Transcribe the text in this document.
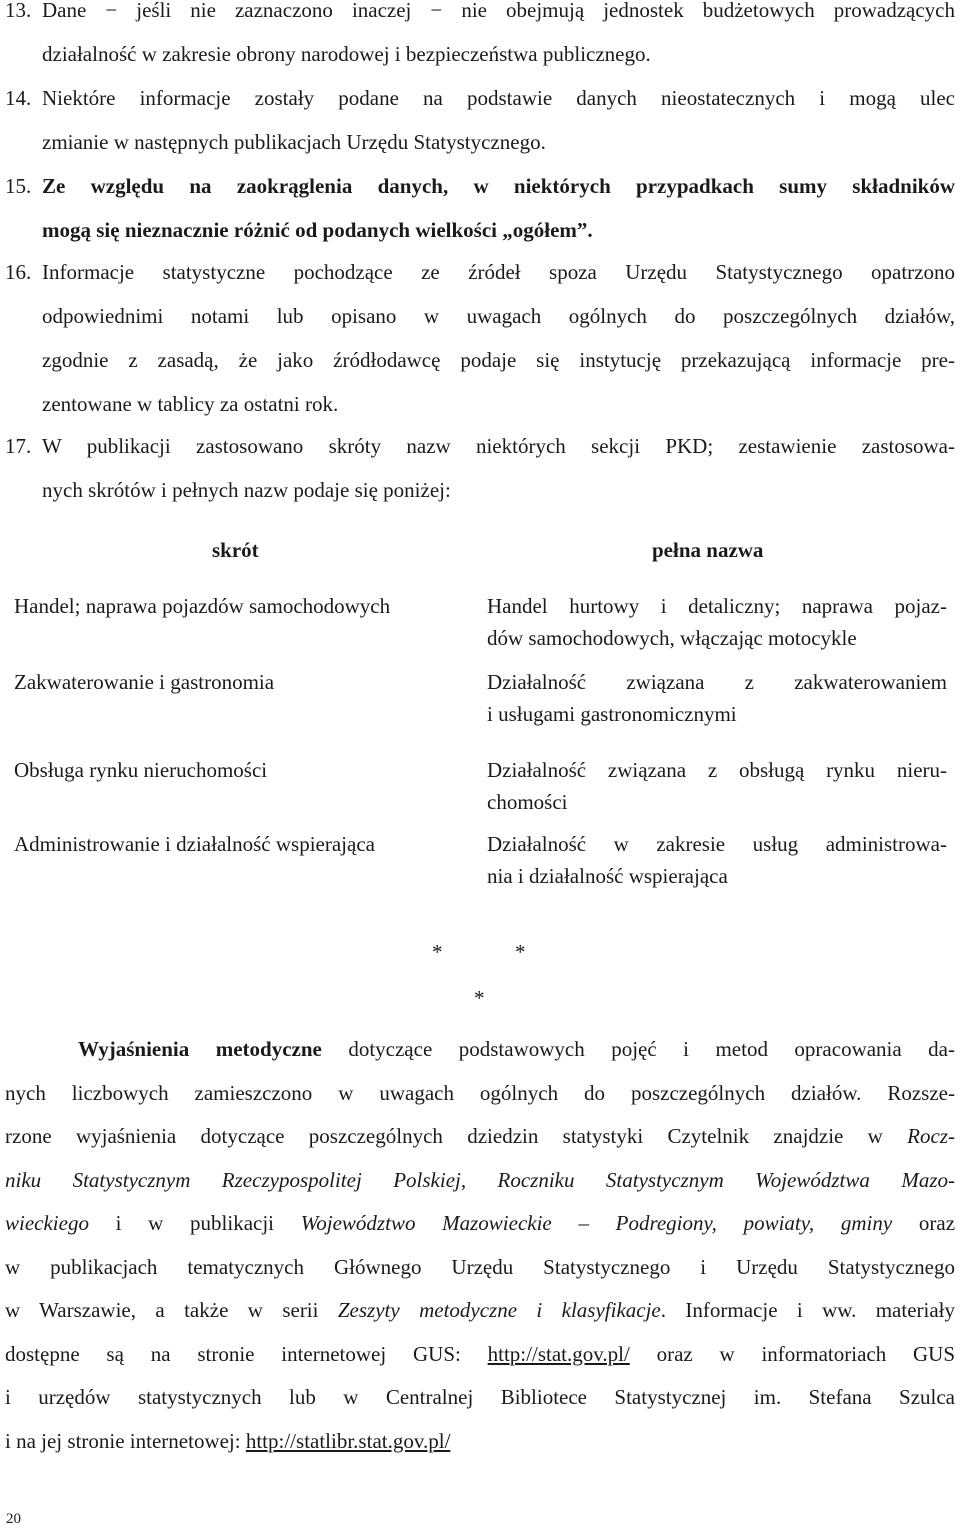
13. Dane − jeśli nie zaznaczono inaczej − nie obejmują jednostek budżetowych prowadzących
działalność w zakresie obrony narodowej i bezpieczeństwa publicznego.
14. Niektóre informacje zostały podane na podstawie danych nieostatecznych i mogą ulec
zmianie w następnych publikacjach Urzędu Statystycznego.
15. Ze względu na zaokrąglenia danych, w niektórych przypadkach sumy składników
mogą się nieznacznie różnić od podanych wielkości „ogółem”.
16. Informacje statystyczne pochodzące ze źródeł spoza Urzędu Statystycznego opatrzono
odpowiednimi notami lub opisano w uwagach ogólnych do poszczególnych działów,
zgodnie z zasadą, że jako źródłodawcę podaje się instytucję przekazującą informacje pre-
zentowane w tablicy za ostatni rok.
17. W publikacji zastosowano skróty nazw niektórych sekcji PKD; zestawienie zastosowa-
nych skrótów i pełnych nazw podaje się poniżej:
skrót	pełna nazwa
Handel; naprawa pojazdów samochodowych	Handel hurtowy i detaliczny; naprawa pojaz-
dów samochodowych, włączając motocykle
Zakwaterowanie i gastronomia	Działalność związana z zakwaterowaniem
i usługami gastronomicznymi
Obsługa rynku nieruchomości	Działalność związana z obsługą rynku nieru-
chomości
Administrowanie i działalność wspierająca	Działalność w zakresie usług administrowa-
nia i działalność wspierająca
*	*
*
Wyjaśnienia metodyczne dotyczące podstawowych pojęć i metod opracowania da-
nych liczbowych zamieszczono w uwagach ogólnych do poszczególnych działów. Rozsze-
rzone wyjaśnienia dotyczące poszczególnych dziedzin statystyki Czytelnik znajdzie w Rocz-
niku Statystycznym Rzeczypospolitej Polskiej, Roczniku Statystycznym Województwa Mazo-
wieckiego i w publikacji Województwo Mazowieckie – Podregiony, powiaty, gminy oraz
w publikacjach tematycznych Głównego Urzędu Statystycznego i Urzędu Statystycznego
w Warszawie, a także w serii Zeszyty metodyczne i klasyfikacje. Informacje i ww. materiały
dostępne są na stronie internetowej GUS: http://stat.gov.pl/ oraz w informatoriach GUS
i urzędów statystycznych lub w Centralnej Bibliotece Statystycznej im. Stefana Szulca
i na jej stronie internetowej: http://statlibr.stat.gov.pl/
20
